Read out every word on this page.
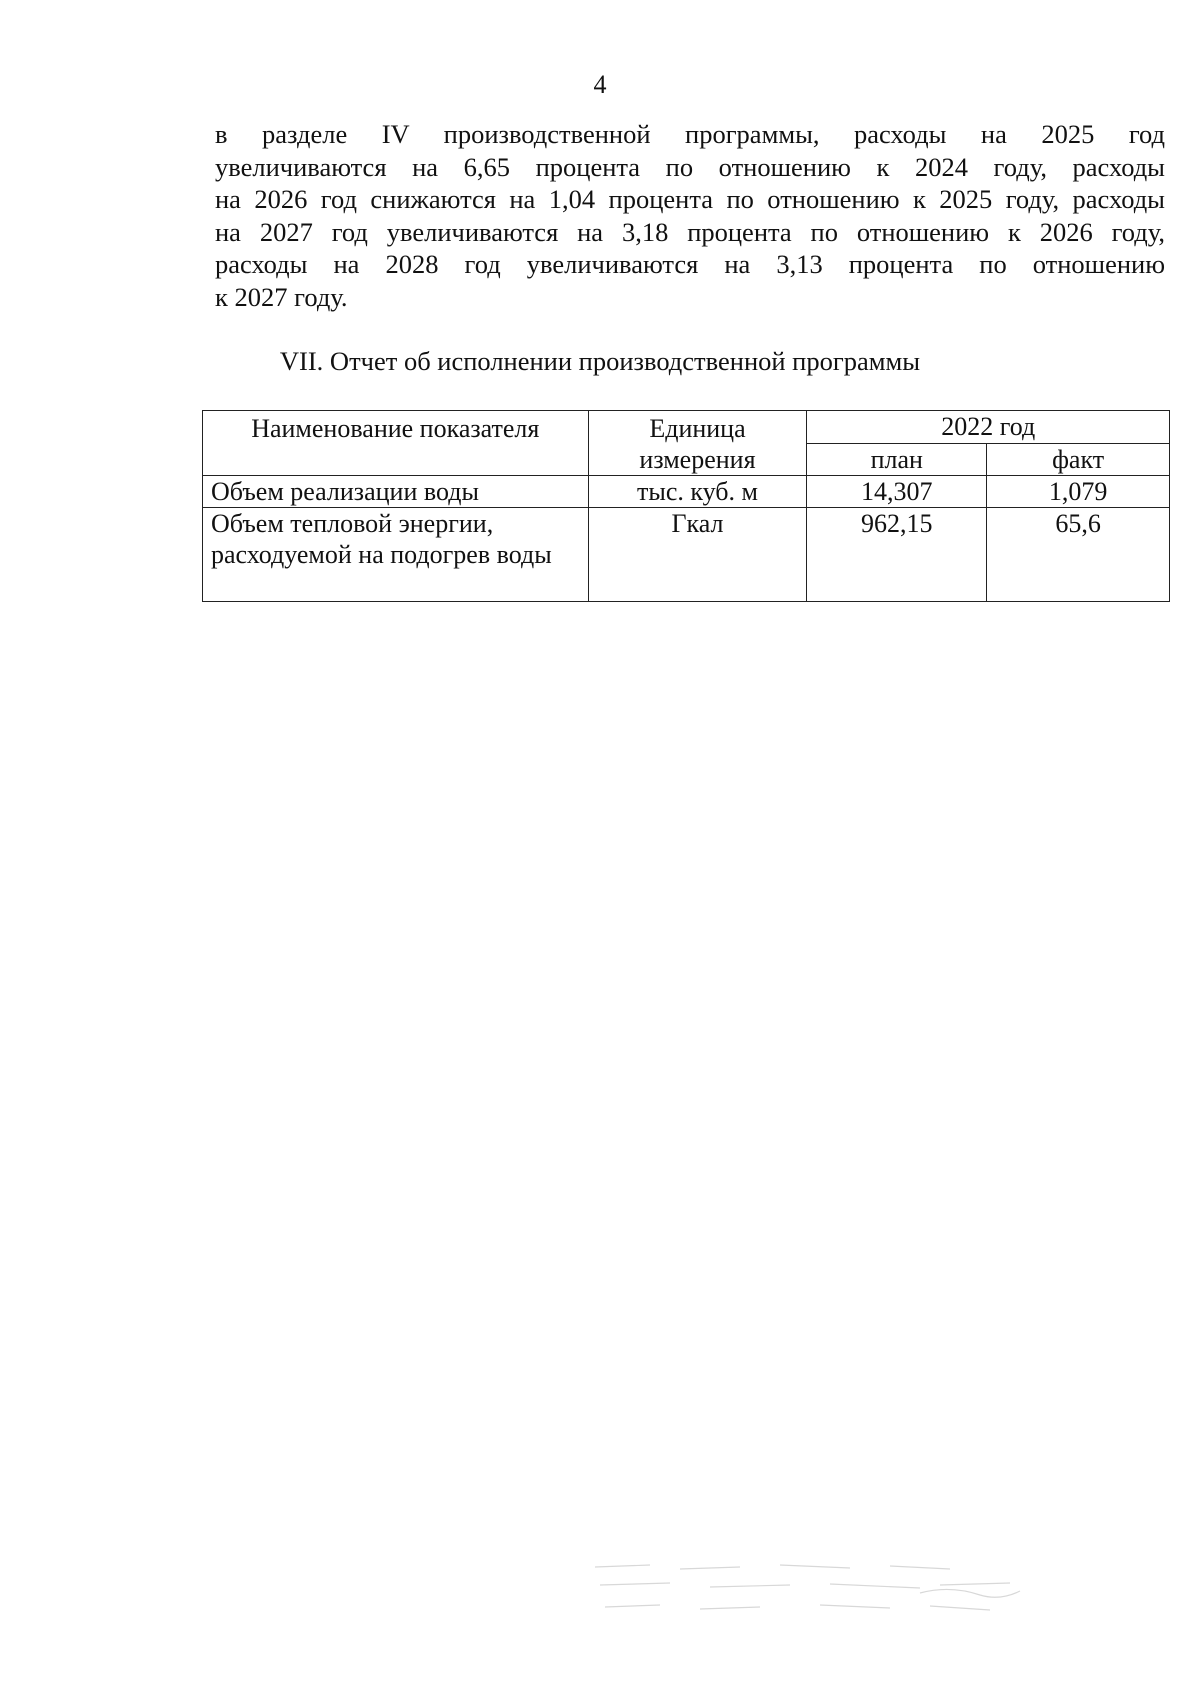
4
в разделе IV производственной программы, расходы на 2025 год
увеличиваются на 6,65 процента по отношению к 2024 году, расходы
на 2026 год снижаются на 1,04 процента по отношению к 2025 году, расходы
на 2027 год увеличиваются на 3,18 процента по отношению к 2026 году,
расходы на 2028 год увеличиваются на 3,13 процента по отношению
к 2027 году.
VII. Отчет об исполнении производственной программы
Наименование показателя	Единица измерения	2022 год	
		план	факт
Объем реализации воды	тыс. куб. м	14,307	1,079
Объем тепловой энергии, расходуемой на подогрев воды	Гкал	962,15	65,6
